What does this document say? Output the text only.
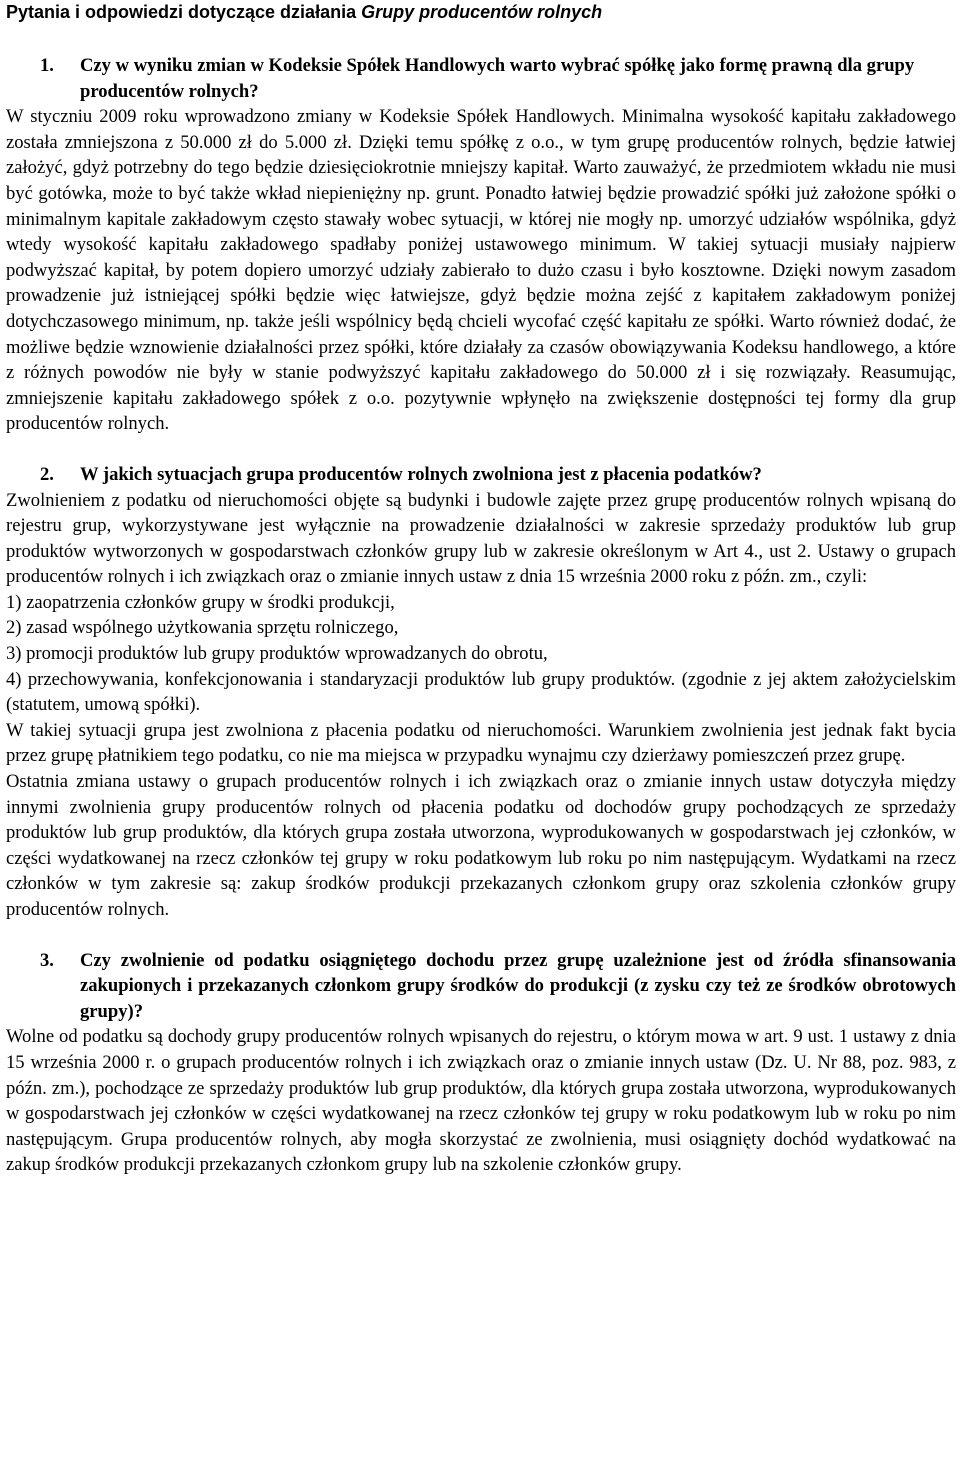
Pytania i odpowiedzi dotyczące działania Grupy producentów rolnych
1.	Czy w wyniku zmian w Kodeksie Spółek Handlowych warto wybrać spółkę jako formę prawną dla grupy producentów rolnych?

W styczniu 2009 roku wprowadzono zmiany w Kodeksie Spółek Handlowych. Minimalna wysokość kapitału zakładowego została zmniejszona z 50.000 zł do 5.000 zł. Dzięki temu spółkę z o.o., w tym grupę producentów rolnych, będzie łatwiej założyć, gdyż potrzebny do tego będzie dziesięciokrotnie mniejszy kapitał. Warto zauważyć, że przedmiotem wkładu nie musi być gotówka, może to być także wkład niepieniężny np. grunt. Ponadto łatwiej będzie prowadzić spółki już założone spółki o minimalnym kapitale zakładowym często stawały wobec sytuacji, w której nie mogły np. umorzyć udziałów wspólnika, gdyż wtedy wysokość kapitału zakładowego spadłaby poniżej ustawowego minimum. W takiej sytuacji musiały najpierw podwyższać kapitał, by potem dopiero umorzyć udziały zabierało to dużo czasu i było kosztowne. Dzięki nowym zasadom prowadzenie już istniejącej spółki będzie więc łatwiejsze, gdyż będzie można zejść z kapitałem zakładowym poniżej dotychczasowego minimum, np. także jeśli wspólnicy będą chcieli wycofać część kapitału ze spółki. Warto również dodać, że możliwe będzie wznowienie działalności przez spółki, które działały za czasów obowiązywania Kodeksu handlowego, a które z różnych powodów nie były w stanie podwyższyć kapitału zakładowego do 50.000 zł i się rozwiązały. Reasumując, zmniejszenie kapitału zakładowego spółek z o.o. pozytywnie wpłynęło na zwiększenie dostępności tej formy dla grup producentów rolnych.

2.	W jakich sytuacjach grupa producentów rolnych zwolniona jest z płacenia podatków?

Zwolnieniem z podatku od nieruchomości objęte są budynki i budowle zajęte przez grupę producentów rolnych wpisaną do rejestru grup, wykorzystywane jest wyłącznie na prowadzenie działalności w zakresie sprzedaży produktów lub grup produktów wytworzonych w gospodarstwach członków grupy lub w zakresie określonym w Art 4., ust 2. Ustawy o grupach producentów rolnych i ich związkach oraz o zmianie innych ustaw z dnia 15 września 2000 roku z późn. zm., czyli:

1) zaopatrzenia członków grupy w środki produkcji,

2) zasad wspólnego użytkowania sprzętu rolniczego,

3) promocji produktów lub grupy produktów wprowadzanych do obrotu,

4) przechowywania, konfekcjonowania i standaryzacji produktów lub grupy produktów. (zgodnie z jej aktem założycielskim (statutem, umową spółki).

W takiej sytuacji grupa jest zwolniona z płacenia podatku od nieruchomości. Warunkiem zwolnienia jest jednak fakt bycia przez grupę płatnikiem tego podatku, co nie ma miejsca w przypadku wynajmu czy dzierżawy pomieszczeń przez grupę.

Ostatnia zmiana ustawy o grupach producentów rolnych i ich związkach oraz o zmianie innych ustaw dotyczyła między innymi zwolnienia grupy producentów rolnych od płacenia podatku od dochodów grupy pochodzących ze sprzedaży produktów lub grup produktów, dla których grupa została utworzona, wyprodukowanych w gospodarstwach jej członków, w części wydatkowanej na rzecz członków tej grupy w roku podatkowym lub roku po nim następującym. Wydatkami na rzecz członków w tym zakresie są: zakup środków produkcji przekazanych członkom grupy oraz szkolenia członków grupy producentów rolnych.

3.	Czy zwolnienie od podatku osiągniętego dochodu przez grupę uzależnione jest od źródła sfinansowania zakupionych i przekazanych członkom grupy środków do produkcji (z zysku czy też ze środków obrotowych grupy)?

Wolne od podatku są dochody grupy producentów rolnych wpisanych do rejestru, o którym mowa w art. 9 ust. 1 ustawy z dnia 15 września 2000 r. o grupach producentów rolnych i ich związkach oraz o zmianie innych ustaw (Dz. U. Nr 88, poz. 983, z późn. zm.), pochodzące ze sprzedaży produktów lub grup produktów, dla których grupa została utworzona, wyprodukowanych w gospodarstwach jej członków w części wydatkowanej na rzecz członków tej grupy w roku podatkowym lub w roku po nim następującym. Grupa producentów rolnych, aby mogła skorzystać ze zwolnienia, musi osiągnięty dochód wydatkować na zakup środków produkcji przekazanych członkom grupy lub na szkolenie członków grupy.
